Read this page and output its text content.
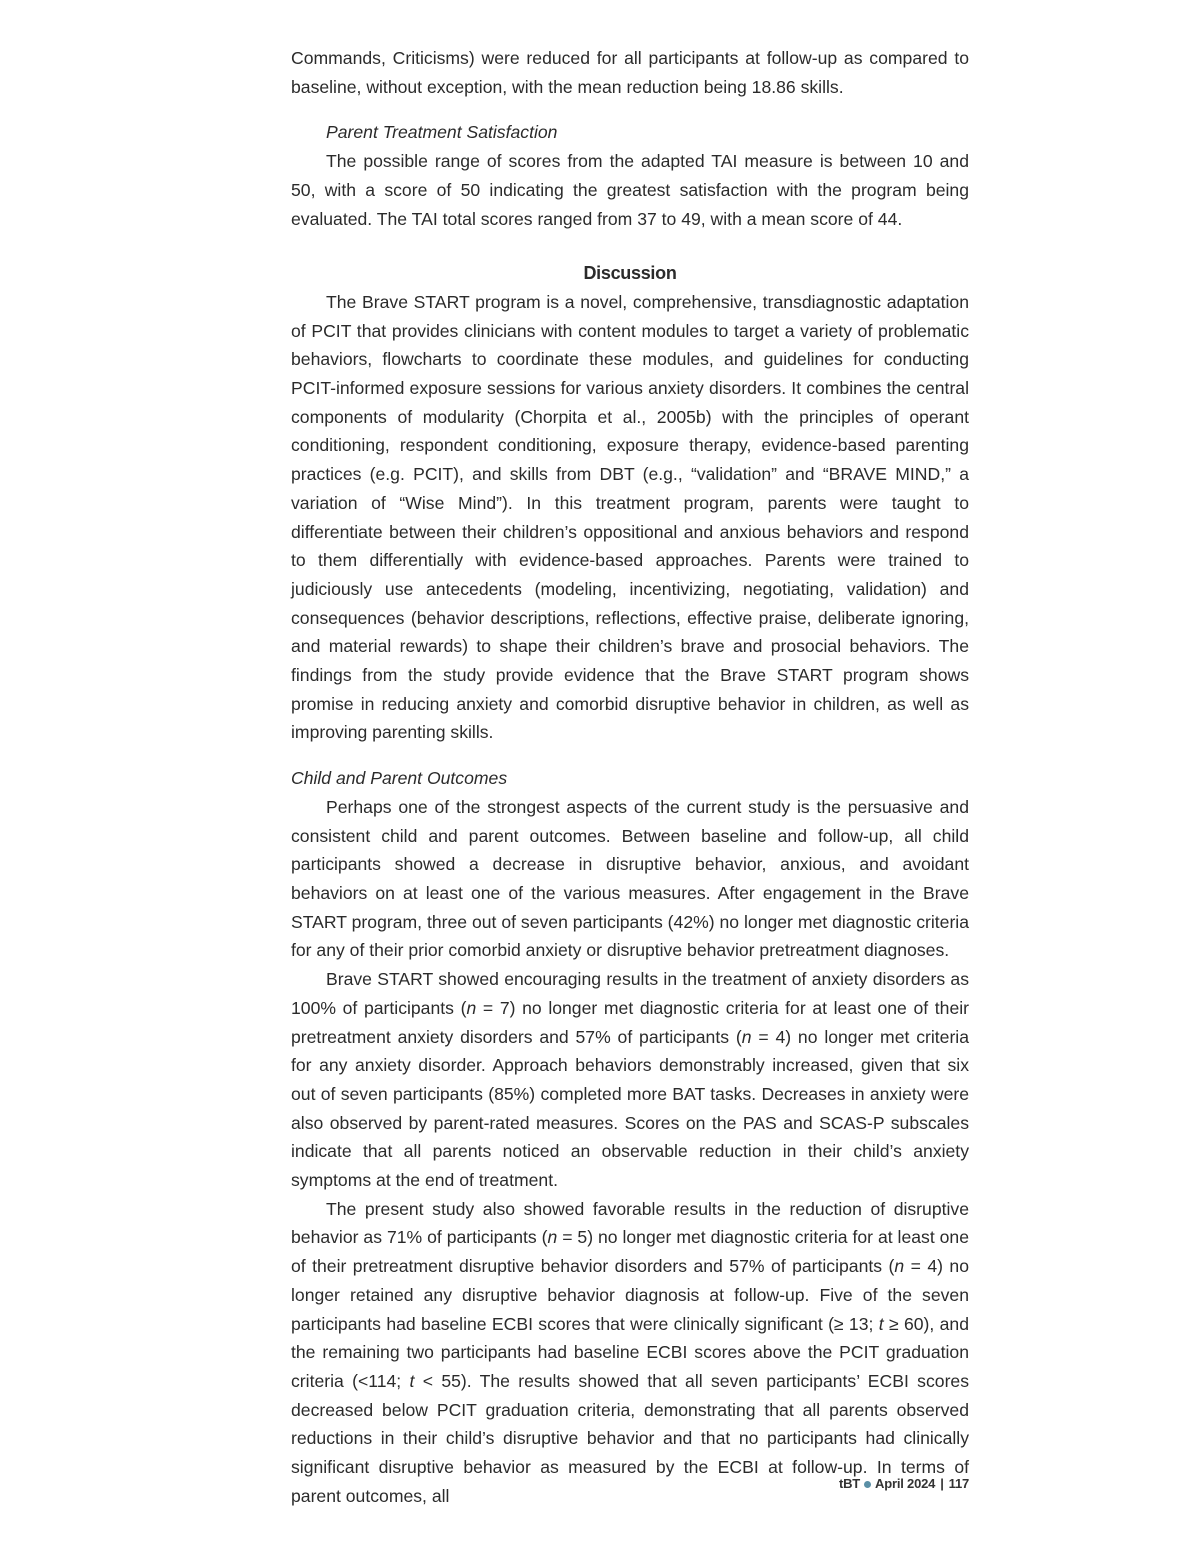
Commands, Criticisms) were reduced for all participants at follow-up as compared to baseline, without exception, with the mean reduction being 18.86 skills.

Parent Treatment Satisfaction

The possible range of scores from the adapted TAI measure is between 10 and 50, with a score of 50 indicating the greatest satisfaction with the program being evaluated. The TAI total scores ranged from 37 to 49, with a mean score of 44.

Discussion

The Brave START program is a novel, comprehensive, transdiagnostic adaptation of PCIT that provides clinicians with content modules to target a variety of problematic behaviors, flowcharts to coordinate these modules, and guidelines for conducting PCIT-informed exposure sessions for various anxiety disorders. It combines the central components of modularity (Chorpita et al., 2005b) with the principles of operant conditioning, respondent conditioning, exposure therapy, evidence-based parenting practices (e.g. PCIT), and skills from DBT (e.g., “validation” and “BRAVE MIND,” a variation of “Wise Mind”). In this treatment program, parents were taught to differentiate between their children’s oppositional and anxious behaviors and respond to them differentially with evidence-based approaches. Parents were trained to judiciously use antecedents (modeling, incentivizing, negotiating, validation) and consequences (behavior descriptions, reflections, effective praise, deliberate ignoring, and material rewards) to shape their children’s brave and prosocial behaviors. The findings from the study provide evidence that the Brave START program shows promise in reducing anxiety and comorbid disruptive behavior in children, as well as improving parenting skills.

Child and Parent Outcomes

Perhaps one of the strongest aspects of the current study is the persuasive and consistent child and parent outcomes. Between baseline and follow-up, all child participants showed a decrease in disruptive behavior, anxious, and avoidant behaviors on at least one of the various measures. After engagement in the Brave START program, three out of seven participants (42%) no longer met diagnostic criteria for any of their prior comorbid anxiety or disruptive behavior pretreatment diagnoses.

Brave START showed encouraging results in the treatment of anxiety disorders as 100% of participants (n = 7) no longer met diagnostic criteria for at least one of their pretreatment anxiety disorders and 57% of participants (n = 4) no longer met criteria for any anxiety disorder. Approach behaviors demonstrably increased, given that six out of seven participants (85%) completed more BAT tasks. Decreases in anxiety were also observed by parent-rated measures. Scores on the PAS and SCAS-P subscales indicate that all parents noticed an observable reduction in their child’s anxiety symptoms at the end of treatment.

The present study also showed favorable results in the reduction of disruptive behavior as 71% of participants (n = 5) no longer met diagnostic criteria for at least one of their pretreatment disruptive behavior disorders and 57% of participants (n = 4) no longer retained any disruptive behavior diagnosis at follow-up. Five of the seven participants had baseline ECBI scores that were clinically significant (≥ 13; t ≥ 60), and the remaining two participants had baseline ECBI scores above the PCIT graduation criteria (<114; t < 55). The results showed that all seven participants’ ECBI scores decreased below PCIT graduation criteria, demonstrating that all parents observed reductions in their child’s disruptive behavior and that no participants had clinically significant disruptive behavior as measured by the ECBI at follow-up. In terms of parent outcomes, all

tBT April 2024 | 117
